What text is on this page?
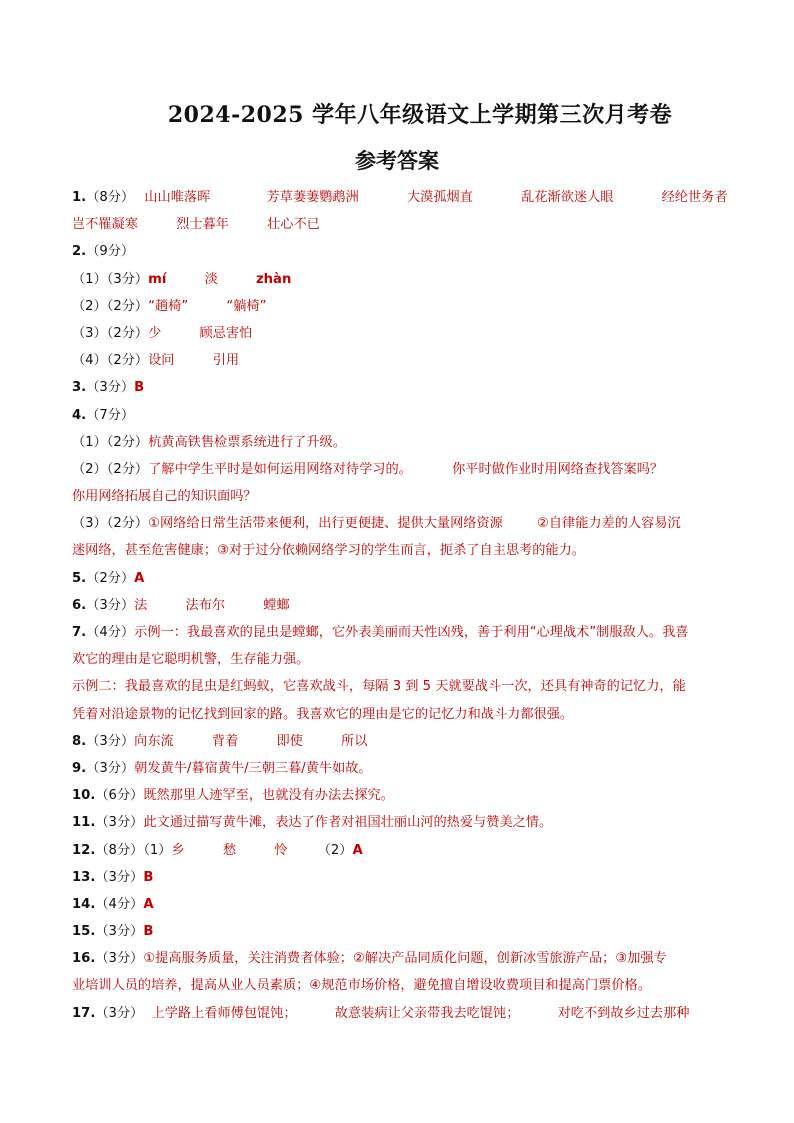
2024-2025 学年八年级语文上学期第三次月考卷
参考答案
1.（8分） 山山唯落晖	芳草萋萋鹦鹉洲	大漠孤烟直	乱花渐欲迷人眼	经纶世务者
岂不罹凝寒	烈士暮年	壮心不已
2.（9分）
（1）（3分）mí	淡	zhàn
（2）（2分）“趟椅”	“躺椅”
（3）（2分）少	顾忌害怕
（4）（2分）设问	引用
3.（3分）B
4.（7分）
（1）（2分）杭黄高铁售检票系统进行了升级。
（2）（2分）了解中学生平时是如何运用网络对待学习的。	你平时做作业时用网络查找答案吗？
你用网络拓展自己的知识面吗？
（3）（2分）①网络给日常生活带来便利，出行更便捷、提供大量网络资源	②自律能力差的人容易沉
迷网络，甚至危害健康；③对于过分依赖网络学习的学生而言，扼杀了自主思考的能力。
5.（2分）A
6.（3分）法	法布尔	螳螂
7.（4分）示例一：我最喜欢的昆虫是螳螂，它外表美丽而天性凶残，善于利用“心理战术”制服敌人。我喜
欢它的理由是它聪明机警，生存能力强。
示例二：我最喜欢的昆虫是红蚂蚁，它喜欢战斗，每隔 3 到 5 天就要战斗一次，还具有神奇的记忆力，能
凭着对沿途景物的记忆找到回家的路。我喜欢它的理由是它的记忆力和战斗力都很强。
8.（3分）向东流	背着	即使	所以
9.（3分）朝发黄牛/暮宿黄牛/三朝三暮/黄牛如故。
10.（6分）既然那里人迹罕至，也就没有办法去探究。
11.（3分）此文通过描写黄牛滩，表达了作者对祖国壮丽山河的热爱与赞美之情。
12.（8分）（1）乡	愁	怜 （2）A
13.（3分）B
14.（4分）A
15.（3分）B
16.（3分）①提高服务质量，关注消费者体验；②解决产品同质化问题，创新冰雪旅游产品；③加强专
业培训人员的培养，提高从业人员素质；④规范市场价格，避免擅自增设收费项目和提高门票价格。
17.（3分） 上学路上看师傅包馄饨；	故意装病让父亲带我去吃馄饨；	对吃不到故乡过去那种
